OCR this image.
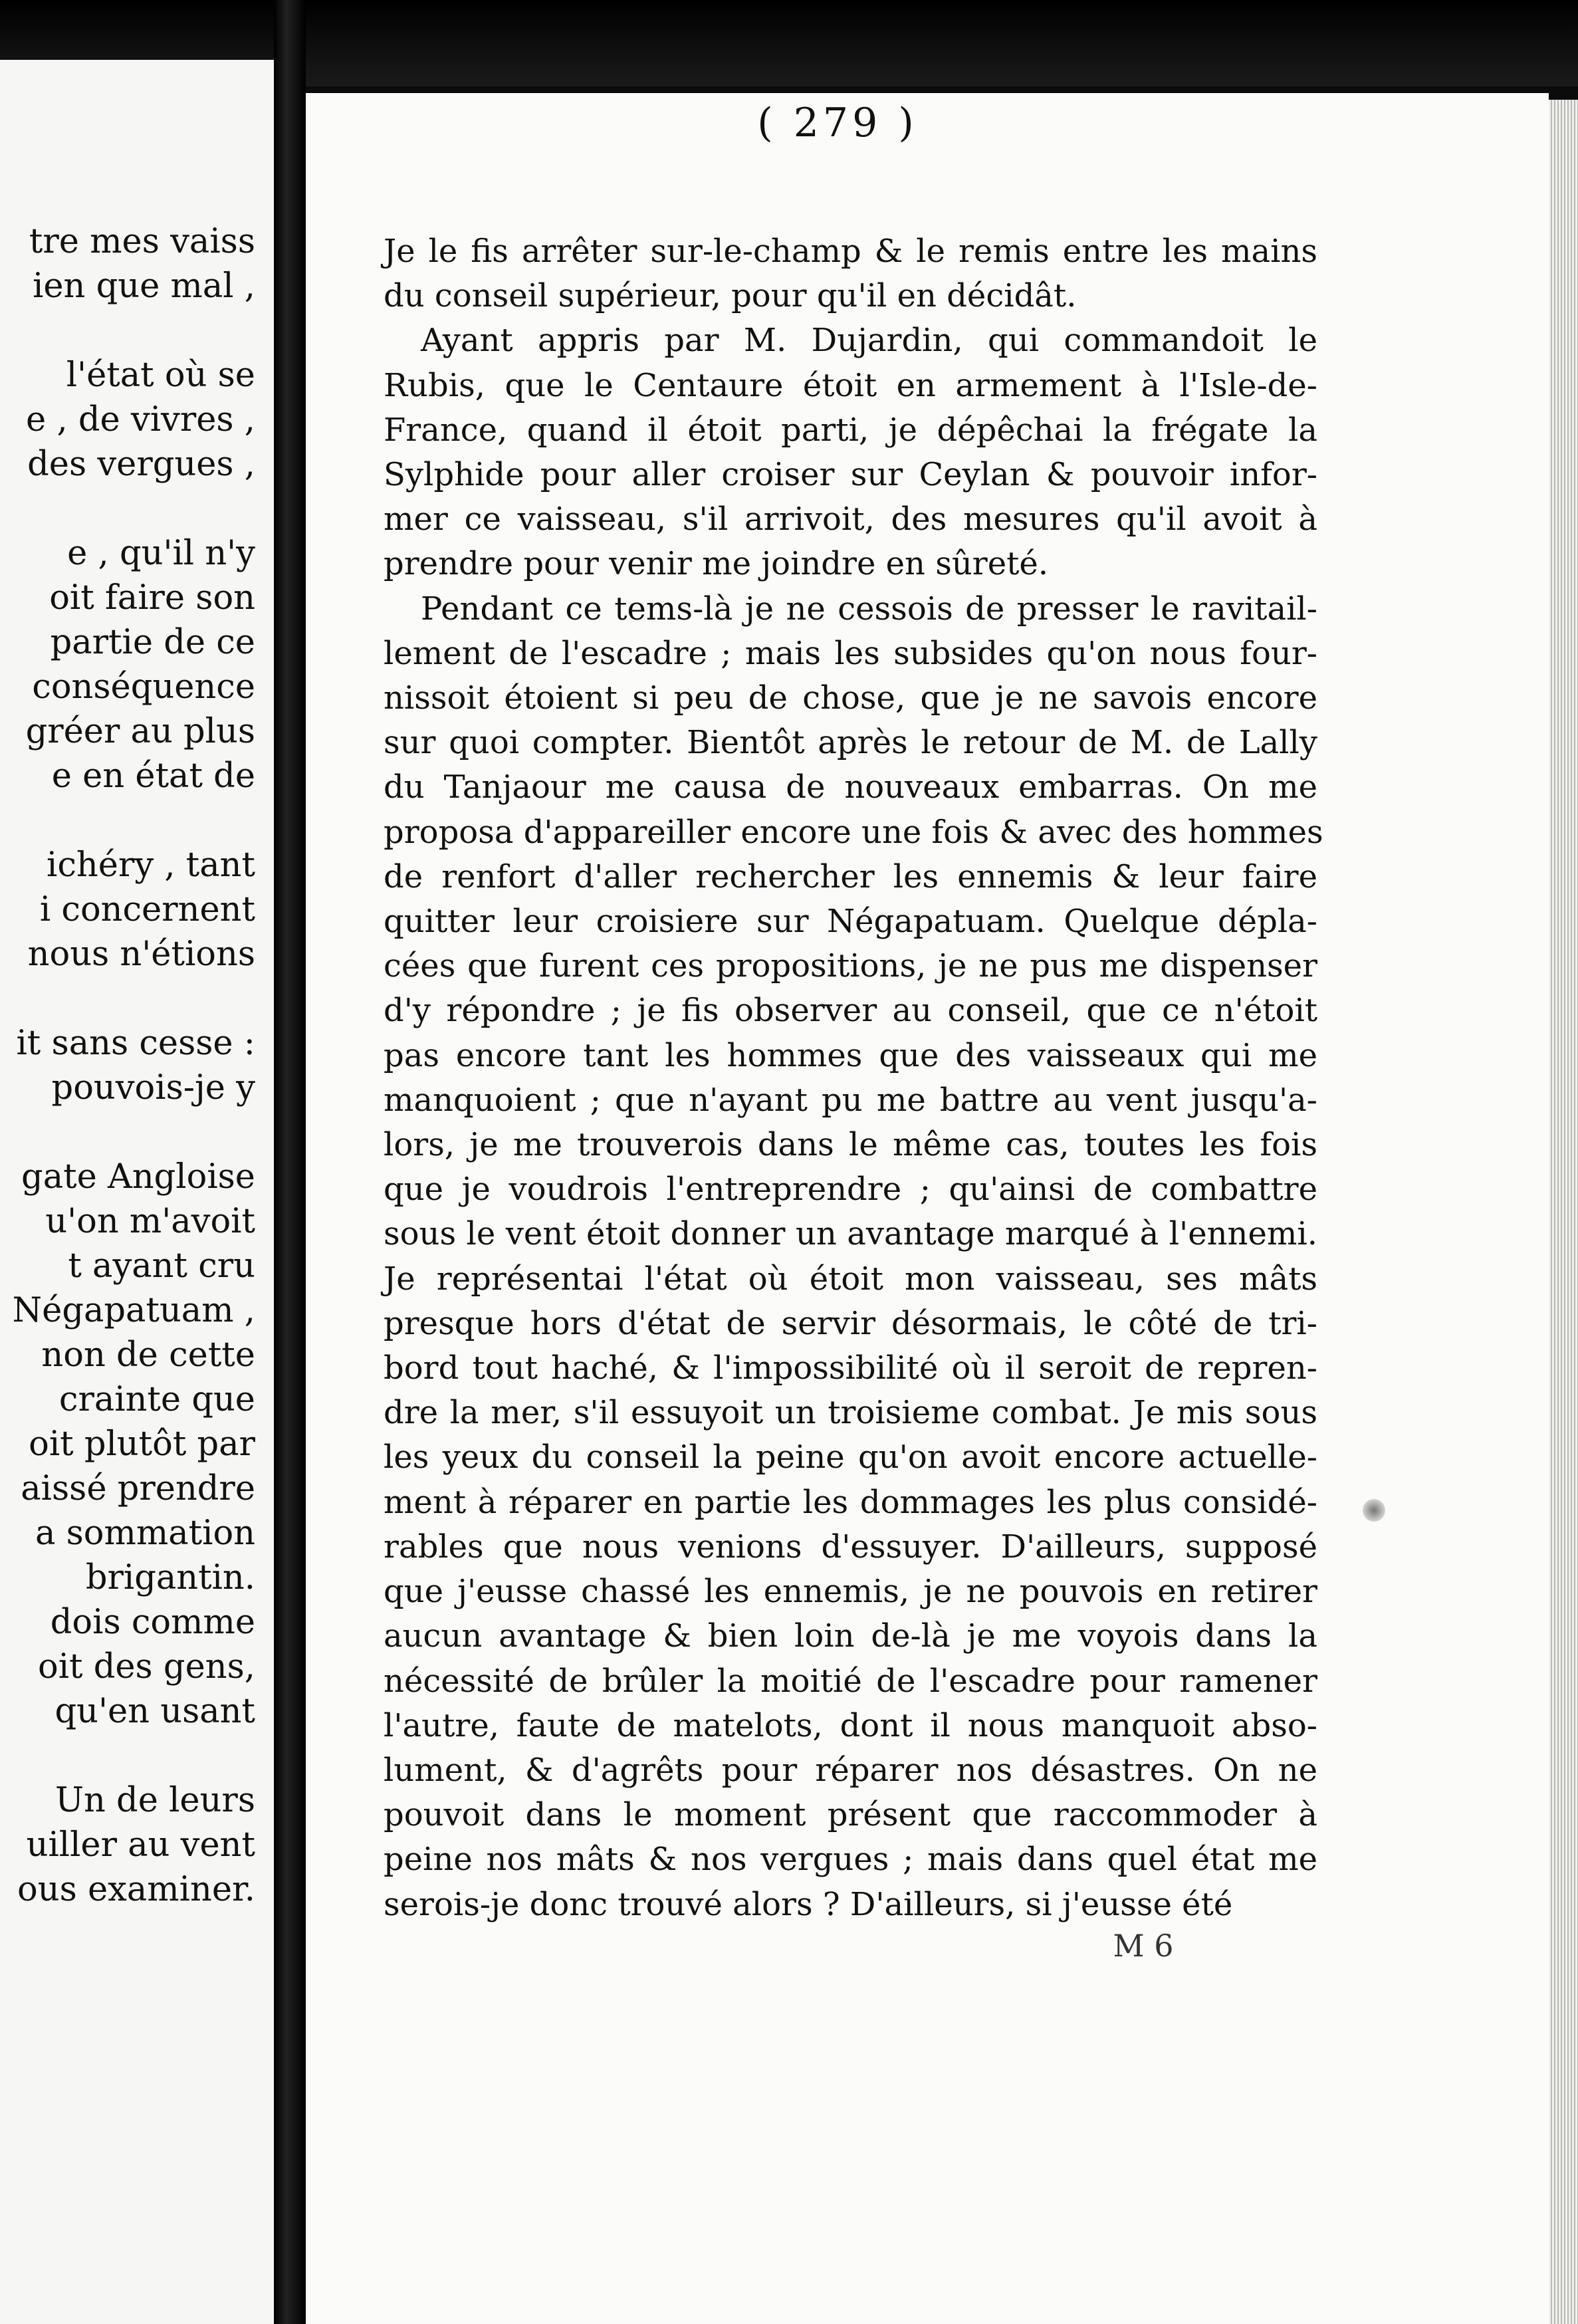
tre mes vaiss
ien que mal ,
l'état où se
e , de vivres ,
des vergues ,
e , qu'il n'y
oit faire son
partie de ce
conséquence
gréer au plus
e en état de
ichéry , tant
i concernent
nous n'étions
it sans cesse :
pouvois-je y
gate Angloise
u'on m'avoit
t ayant cru
Négapatuam ,
non de cette
crainte que
oit plutôt par
aissé prendre
a sommation
brigantin.
dois comme
oit des gens,
qu'en usant
Un de leurs
uiller au vent
ous examiner.
( 279 )
Je le fis arrêter sur-le-champ & le remis entre les mains
du conseil supérieur, pour qu'il en décidât.
Ayant appris par M. Dujardin, qui commandoit le
Rubis, que le Centaure étoit en armement à l'Isle-de-
France, quand il étoit parti, je dépêchai la frégate la
Sylphide pour aller croiser sur Ceylan & pouvoir infor-
mer ce vaisseau, s'il arrivoit, des mesures qu'il avoit à
prendre pour venir me joindre en sûreté.
Pendant ce tems-là je ne cessois de presser le ravitail-
lement de l'escadre ; mais les subsides qu'on nous four-
nissoit étoient si peu de chose, que je ne savois encore
sur quoi compter. Bientôt après le retour de M. de Lally
du Tanjaour me causa de nouveaux embarras. On me
proposa d'appareiller encore une fois & avec des hommes
de renfort d'aller rechercher les ennemis & leur faire
quitter leur croisiere sur Négapatuam. Quelque dépla-
cées que furent ces propositions, je ne pus me dispenser
d'y répondre ; je fis observer au conseil, que ce n'étoit
pas encore tant les hommes que des vaisseaux qui me
manquoient ; que n'ayant pu me battre au vent jusqu'a-
lors, je me trouverois dans le même cas, toutes les fois
que je voudrois l'entreprendre ; qu'ainsi de combattre
sous le vent étoit donner un avantage marqué à l'ennemi.
Je représentai l'état où étoit mon vaisseau, ses mâts
presque hors d'état de servir désormais, le côté de tri-
bord tout haché, & l'impossibilité où il seroit de repren-
dre la mer, s'il essuyoit un troisieme combat. Je mis sous
les yeux du conseil la peine qu'on avoit encore actuelle-
ment à réparer en partie les dommages les plus considé-
rables que nous venions d'essuyer. D'ailleurs, supposé
que j'eusse chassé les ennemis, je ne pouvois en retirer
aucun avantage & bien loin de-là je me voyois dans la
nécessité de brûler la moitié de l'escadre pour ramener
l'autre, faute de matelots, dont il nous manquoit abso-
lument, & d'agrêts pour réparer nos désastres. On ne
pouvoit dans le moment présent que raccommoder à
peine nos mâts & nos vergues ; mais dans quel état me
serois-je donc trouvé alors ? D'ailleurs, si j'eusse été
M 6
